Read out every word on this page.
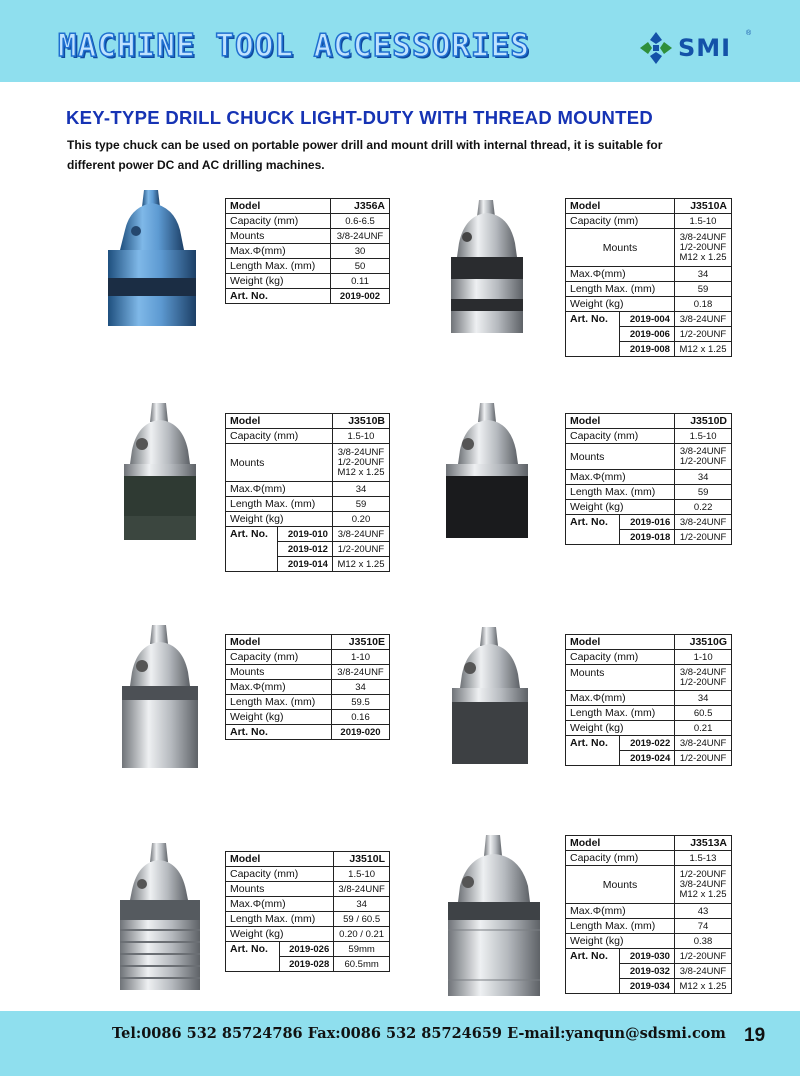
MACHINE TOOL ACCESSORIES	SMI
®
KEY-TYPE DRILL CHUCK LIGHT-DUTY WITH THREAD MOUNTED
This type chuck can be used on portable power drill and mount drill with internal thread, it is suitable for different power DC and AC drilling machines.
Model	J356A
Capacity (mm)	0.6-6.5
Mounts	3/8-24UNF
Max.Φ(mm)	30
Length Max. (mm)	50
Weight (kg)	0.11
Art. No.	2019-002
Model		J3510A
Capacity (mm)		1.5-10
Mounts		3/8-24UNF
1/2-20UNF
M12 x 1.25

Max.Φ(mm)		34
Length Max. (mm)		59
Weight (kg)		0.18
Art. No.	2019-004	3/8-24UNF
	2019-006	1/2-20UNF
	2019-008	M12 x 1.25
Model		J3510B
Capacity (mm)		1.5-10
Mounts		3/8-24UNF
1/2-20UNF
M12 x 1.25

Max.Φ(mm)		34
Length Max. (mm)		59
Weight (kg)		0.20
Art. No.	2019-010	3/8-24UNF
	2019-012	1/2-20UNF
	2019-014	M12 x 1.25
Model		J3510D
Capacity (mm)		1.5-10
Mounts		3/8-24UNF
1/2-20UNF

Max.Φ(mm)		34
Length Max. (mm)		59
Weight (kg)		0.22
Art. No.	2019-016	3/8-24UNF
	2019-018	1/2-20UNF
Model	J3510E
Capacity (mm)	1-10
Mounts	3/8-24UNF
Max.Φ(mm)	34
Length Max. (mm)	59.5
Weight (kg)	0.16
Art. No.	2019-020
Model		J3510G
Capacity (mm)		1-10
Mounts		3/8-24UNF
1/2-20UNF

Max.Φ(mm)		34
Length Max. (mm)		60.5
Weight (kg)		0.21
Art. No.	2019-022	3/8-24UNF
	2019-024	1/2-20UNF
Model		J3510L
Capacity (mm)		1.5-10
Mounts		3/8-24UNF
Max.Φ(mm)		34
Length Max. (mm)		59 / 60.5
Weight (kg)		0.20 / 0.21
Art. No.	2019-026	59mm
	2019-028	60.5mm
Model		J3513A
Capacity (mm)		1.5-13
Mounts		1/2-20UNF
3/8-24UNF
M12 x 1.25

Max.Φ(mm)		43
Length Max. (mm)		74
Weight (kg)		0.38
Art. No.	2019-030	1/2-20UNF
	2019-032	3/8-24UNF
	2019-034	M12 x 1.25
Tel:0086 532 85724786 Fax:0086 532 85724659 E-mail:yanqun@sdsmi.com 19
